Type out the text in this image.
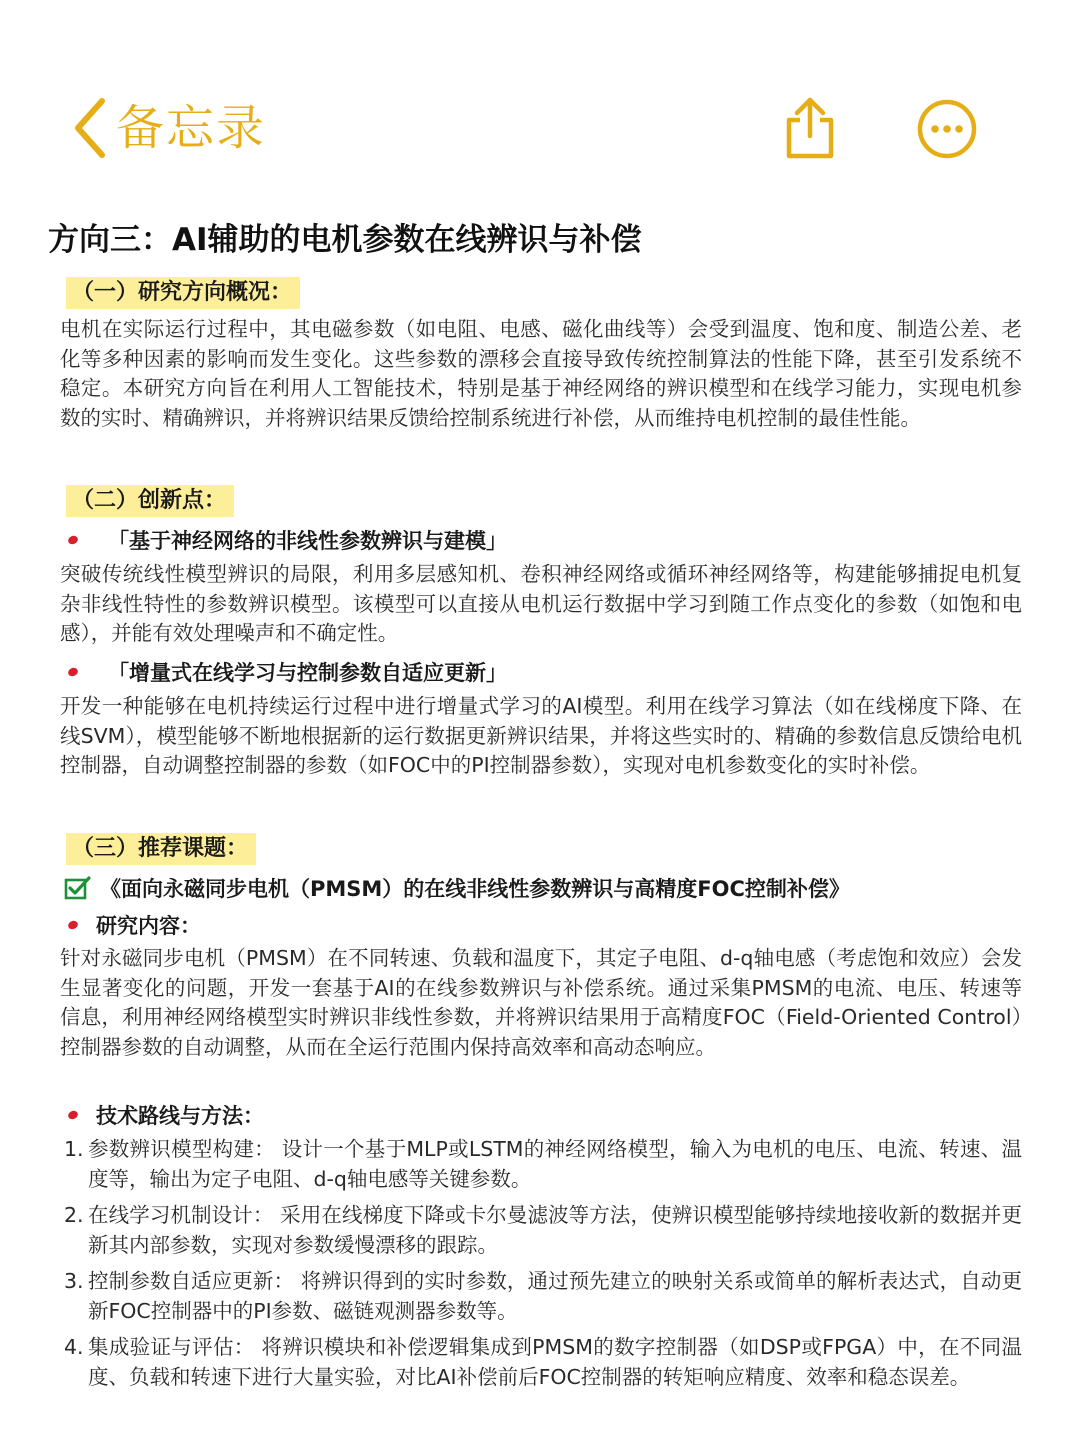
备忘录
方向三：AI辅助的电机参数在线辨识与补偿
（一）研究方向概况：

电机在实际运行过程中，其电磁参数（如电阻、电感、磁化曲线等）会受到温度、饱和度、制造公差、老化等多种因素的影响而发生变化。这些参数的漂移会直接导致传统控制算法的性能下降，甚至引发系统不稳定。本研究方向旨在利用人工智能技术，特别是基于神经网络的辨识模型和在线学习能力，实现电机参数的实时、精确辨识，并将辨识结果反馈给控制系统进行补偿，从而维持电机控制的最佳性能。

（二）创新点：
「基于神经网络的非线性参数辨识与建模」

突破传统线性模型辨识的局限，利用多层感知机、卷积神经网络或循环神经网络等，构建能够捕捉电机复杂非线性特性的参数辨识模型。该模型可以直接从电机运行数据中学习到随工作点变化的参数（如饱和电感），并能有效处理噪声和不确定性。

「增量式在线学习与控制参数自适应更新」

开发一种能够在电机持续运行过程中进行增量式学习的AI模型。利用在线学习算法（如在线梯度下降、在线SVM），模型能够不断地根据新的运行数据更新辨识结果，并将这些实时的、精确的参数信息反馈给电机控制器，自动调整控制器的参数（如FOC中的PI控制器参数），实现对电机参数变化的实时补偿。

（三）推荐课题：
《面向永磁同步电机（PMSM）的在线非线性参数辨识与高精度FOC控制补偿》
研究内容：

针对永磁同步电机（PMSM）在不同转速、负载和温度下，其定子电阻、d-q轴电感（考虑饱和效应）会发生显著变化的问题，开发一套基于AI的在线参数辨识与补偿系统。通过采集PMSM的电流、电压、转速等信息，利用神经网络模型实时辨识非线性参数，并将辨识结果用于高精度FOC（Field-Oriented Control）控制器参数的自动调整，从而在全运行范围内保持高效率和高动态响应。

技术路线与方法：
1. 参数辨识模型构建： 设计一个基于MLP或LSTM的神经网络模型，输入为电机的电压、电流、转速、温度等，输出为定子电阻、d-q轴电感等关键参数。
2. 在线学习机制设计： 采用在线梯度下降或卡尔曼滤波等方法，使辨识模型能够持续地接收新的数据并更新其内部参数，实现对参数缓慢漂移的跟踪。
3. 控制参数自适应更新： 将辨识得到的实时参数，通过预先建立的映射关系或简单的解析表达式，自动更新FOC控制器中的PI参数、磁链观测器参数等。
4. 集成验证与评估： 将辨识模块和补偿逻辑集成到PMSM的数字控制器（如DSP或FPGA）中，在不同温度、负载和转速下进行大量实验，对比AI补偿前后FOC控制器的转矩响应精度、效率和稳态误差。
